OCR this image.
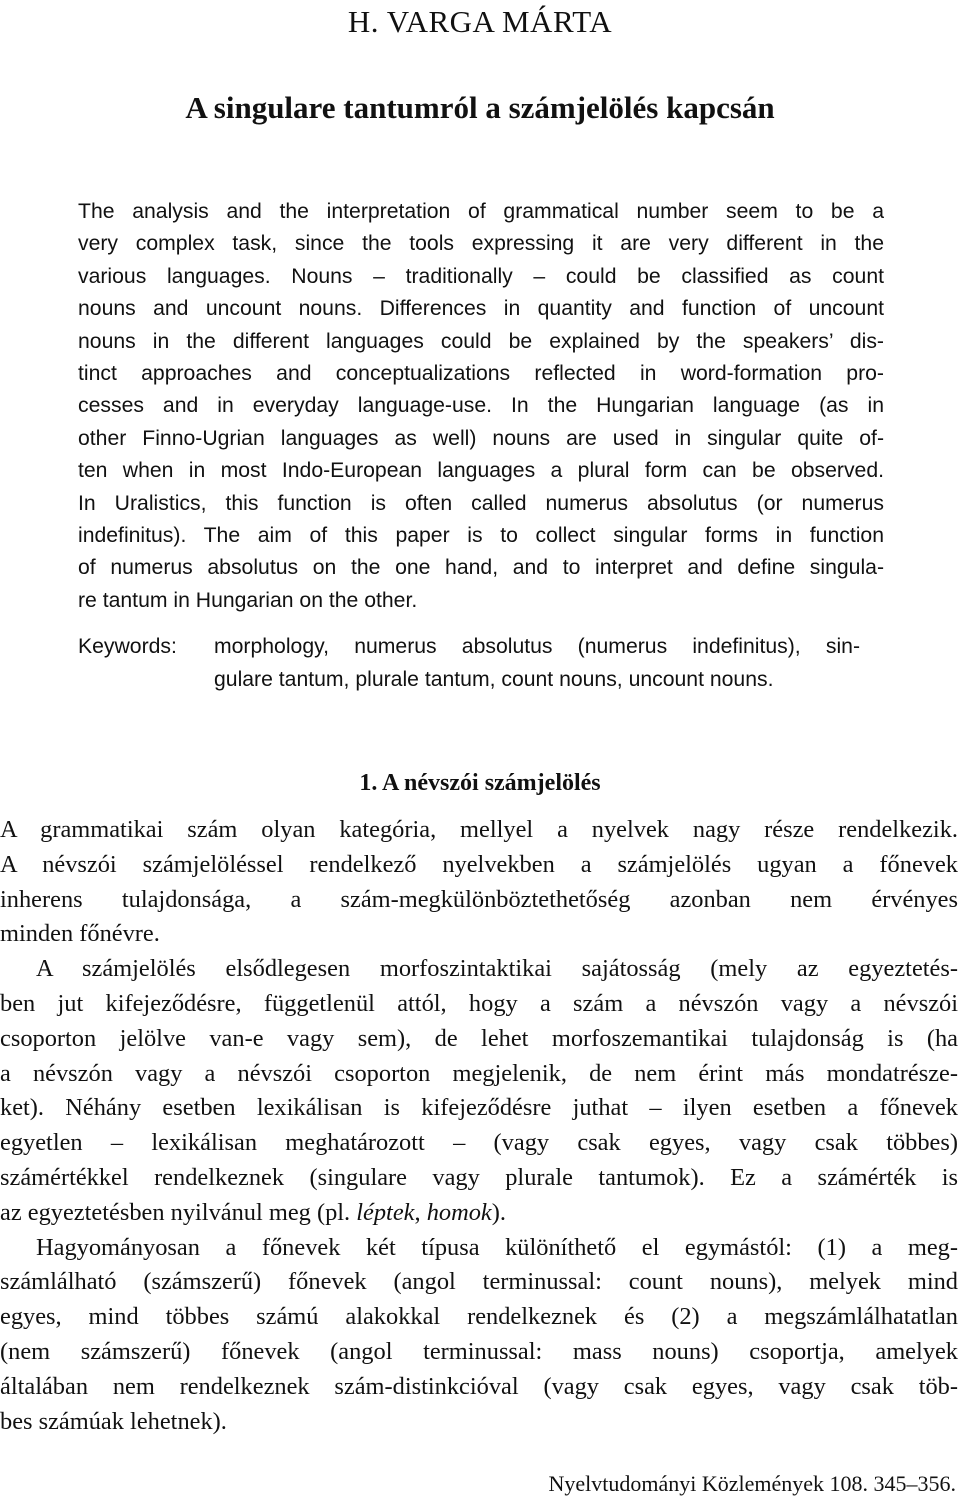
H. VARGA MÁRTA
A singulare tantumról a számjelölés kapcsán
The analysis and the interpretation of grammatical number seem to be a
very complex task, since the tools expressing it are very different in the
various languages. Nouns – traditionally – could be classified as count
nouns and uncount nouns. Differences in quantity and function of uncount
nouns in the different languages could be explained by the speakers’ dis-
tinct approaches and conceptualizations reflected in word-formation pro-
cesses and in everyday language-use. In the Hungarian language (as in
other Finno-Ugrian languages as well) nouns are used in singular quite of-
ten when in most Indo-European languages a plural form can be observed.
In Uralistics, this function is often called numerus absolutus (or numerus
indefinitus). The aim of this paper is to collect singular forms in function
of numerus absolutus on the one hand, and to interpret and define singula-
re tantum in Hungarian on the other.
Keywords: morphology, numerus absolutus (numerus indefinitus), sin-
gulare tantum, plurale tantum, count nouns, uncount nouns.
1. A névszói számjelölés
A grammatikai szám olyan kategória, mellyel a nyelvek nagy része rendelkezik.
A névszói számjelöléssel rendelkező nyelvekben a számjelölés ugyan a főnevek
inherens tulajdonsága, a szám-megkülönböztethetőség azonban nem érvényes
minden főnévre.
A számjelölés elsődlegesen morfoszintaktikai sajátosság (mely az egyeztetés-
ben jut kifejeződésre, függetlenül attól, hogy a szám a névszón vagy a névszói
csoporton jelölve van-e vagy sem), de lehet morfoszemantikai tulajdonság is (ha
a névszón vagy a névszói csoporton megjelenik, de nem érint más mondatrésze-
ket). Néhány esetben lexikálisan is kifejeződésre juthat – ilyen esetben a főnevek
egyetlen – lexikálisan meghatározott – (vagy csak egyes, vagy csak többes)
számértékkel rendelkeznek (singulare vagy plurale tantumok). Ez a számérték is
az egyeztetésben nyilvánul meg (pl. léptek, homok).
Hagyományosan a főnevek két típusa különíthető el egymástól: (1) a meg-
számlálható (számszerű) főnevek (angol terminussal: count nouns), melyek mind
egyes, mind többes számú alakokkal rendelkeznek és (2) a megszámlálhatatlan
(nem számszerű) főnevek (angol terminussal: mass nouns) csoportja, amelyek
általában nem rendelkeznek szám-distinkcióval (vagy csak egyes, vagy csak töb-
bes számúak lehetnek).
Nyelvtudományi Közlemények 108. 345–356.
